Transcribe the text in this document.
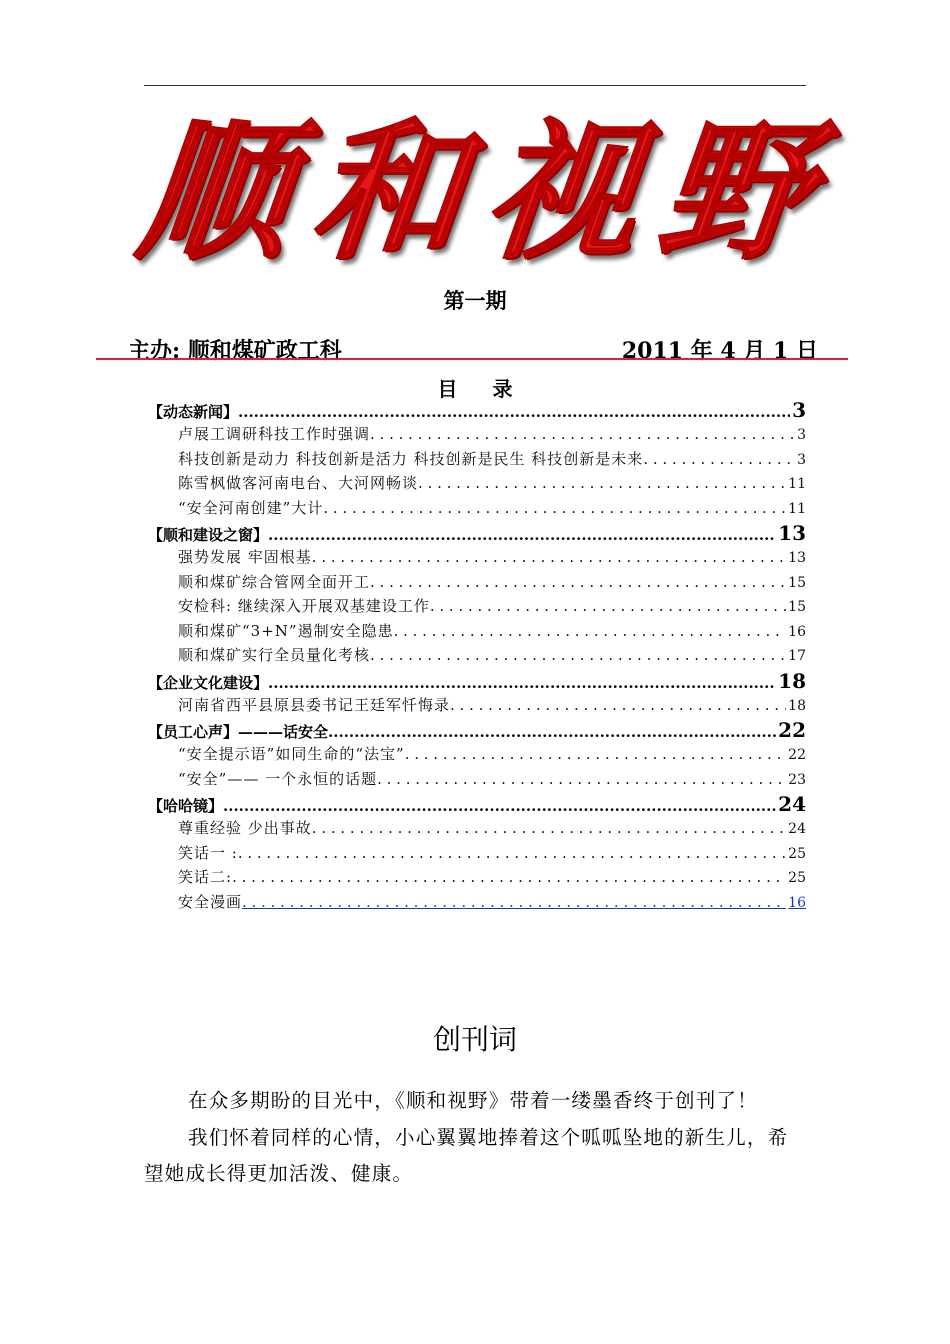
顺 和 视 野
第一期
主办: 顺和煤矿政工科	2011 年 4 月 1 日
目 录
【动态新闻】 .....	3
卢展工调研科技工作时强调 . . .	3
科技创新是动力 科技创新是活力 科技创新是民生 科技创新是未来 . . .	3
陈雪枫做客河南电台、大河网畅谈 . . .	11
“安全河南创建”大计 . . .	11
【顺和建设之窗】 .....	13
强势发展 牢固根基 . . .	13
顺和煤矿综合管网全面开工 . . .	15
安检科: 继续深入开展双基建设工作 . . .	15
顺和煤矿“3+N”遏制安全隐患 . . .	16
顺和煤矿实行全员量化考核 . . .	17
【企业文化建设】 .....	18
河南省西平县原县委书记王廷军忏悔录 . . .	18
【员工心声】———话安全 .....	22
“安全提示语”如同生命的“法宝” . . .	22
“安全”—— 一个永恒的话题 . . .	23
【哈哈镜】 .....	24
尊重经验 少出事故 . . .	24
笑话一 : . . .	25
笑话二: . . .	25
安全漫画 . . .	16
创刊词
在众多期盼的目光中，《顺和视野》带着一缕墨香终于创刊了！
我们怀着同样的心情，小心翼翼地捧着这个呱呱坠地的新生儿，希望她成长得更加活泼、健康。
